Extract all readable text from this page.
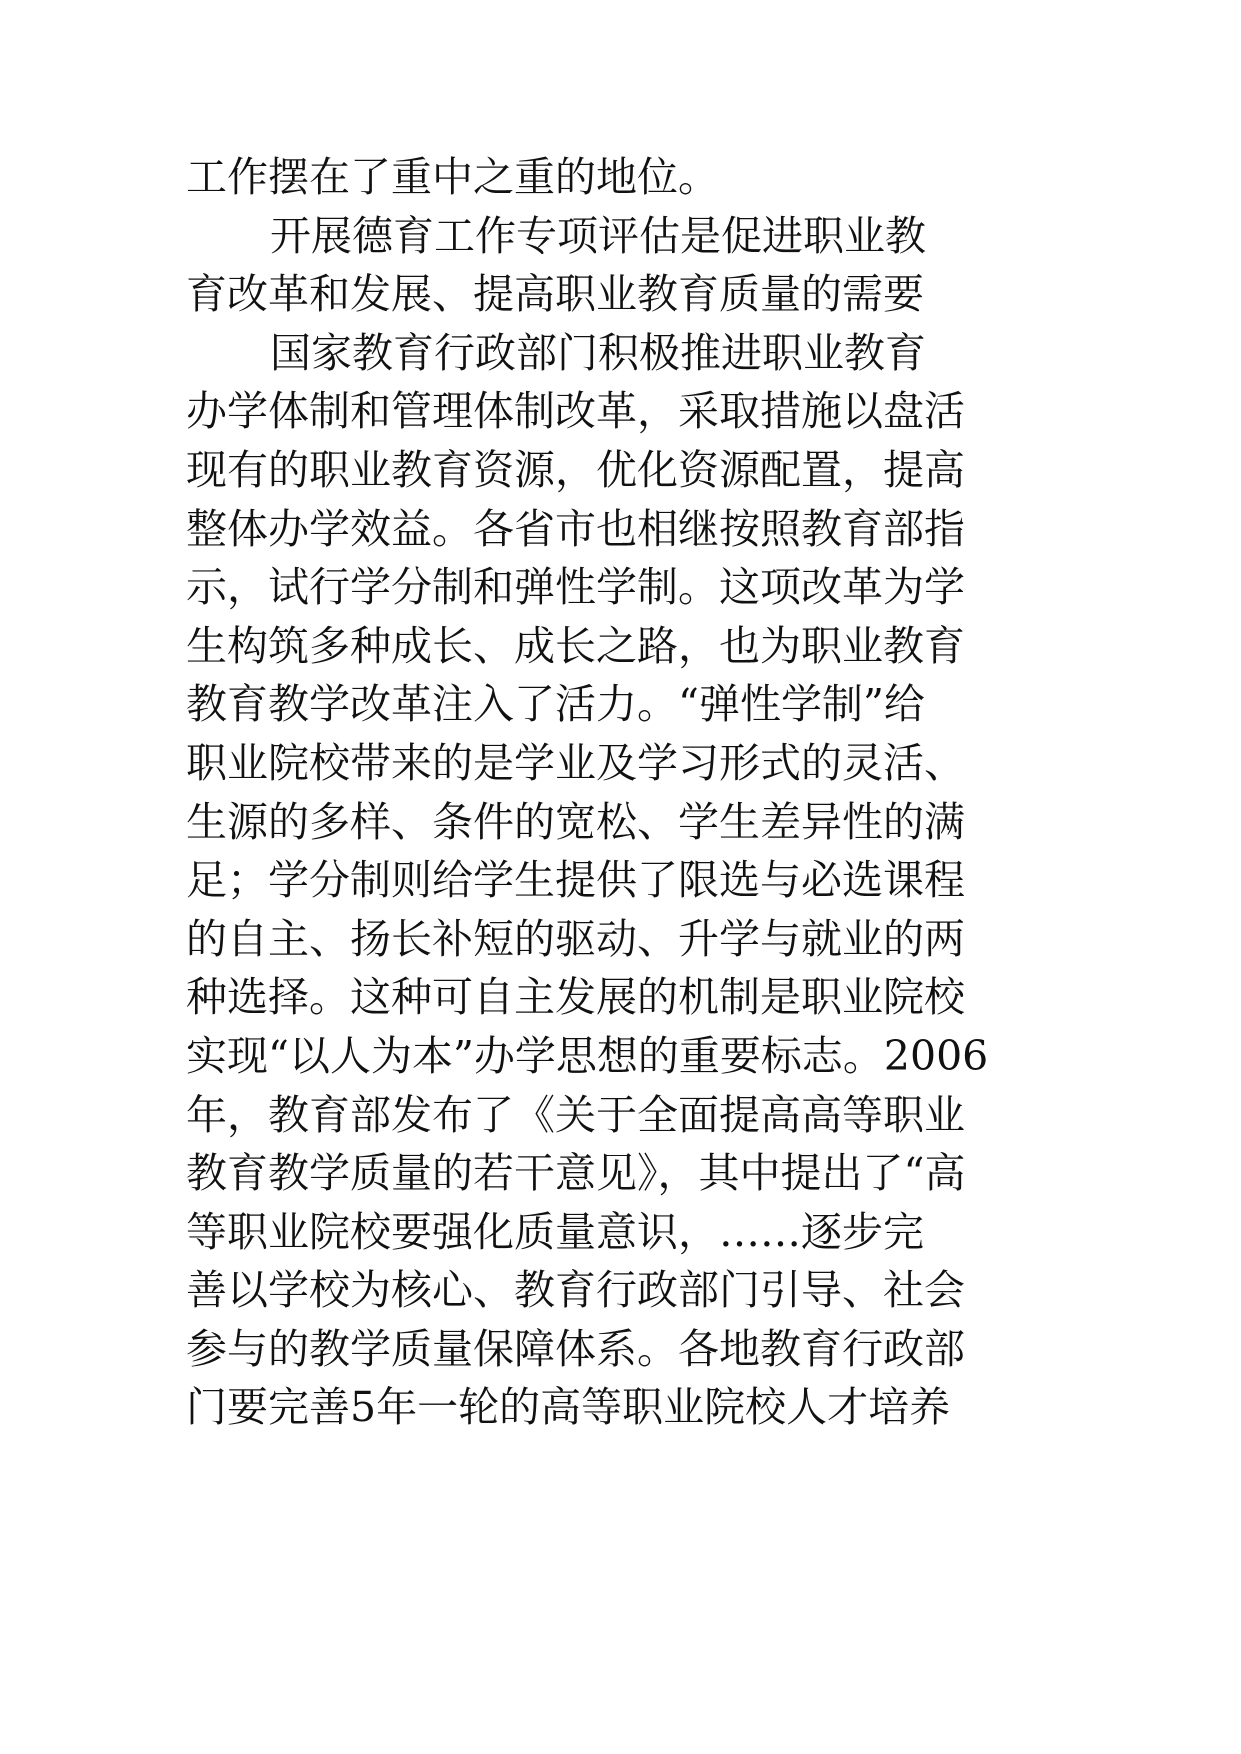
工作摆在了重中之重的地位。
开展德育工作专项评估是促进职业教
育改革和发展、提高职业教育质量的需要
国家教育行政部门积极推进职业教育
办学体制和管理体制改革，采取措施以盘活
现有的职业教育资源，优化资源配置，提高
整体办学效益。各省市也相继按照教育部指
示，试行学分制和弹性学制。这项改革为学
生构筑多种成长、成长之路，也为职业教育
教育教学改革注入了活力。“弹性学制”给
职业院校带来的是学业及学习形式的灵活、
生源的多样、条件的宽松、学生差异性的满
足；学分制则给学生提供了限选与必选课程
的自主、扬长补短的驱动、升学与就业的两
种选择。这种可自主发展的机制是职业院校
实现“以人为本”办学思想的重要标志。2006
年，教育部发布了《关于全面提高高等职业
教育教学质量的若干意见》，其中提出了“高
等职业院校要强化质量意识，……逐步完
善以学校为核心、教育行政部门引导、社会
参与的教学质量保障体系。各地教育行政部
门要完善5年一轮的高等职业院校人才培养
